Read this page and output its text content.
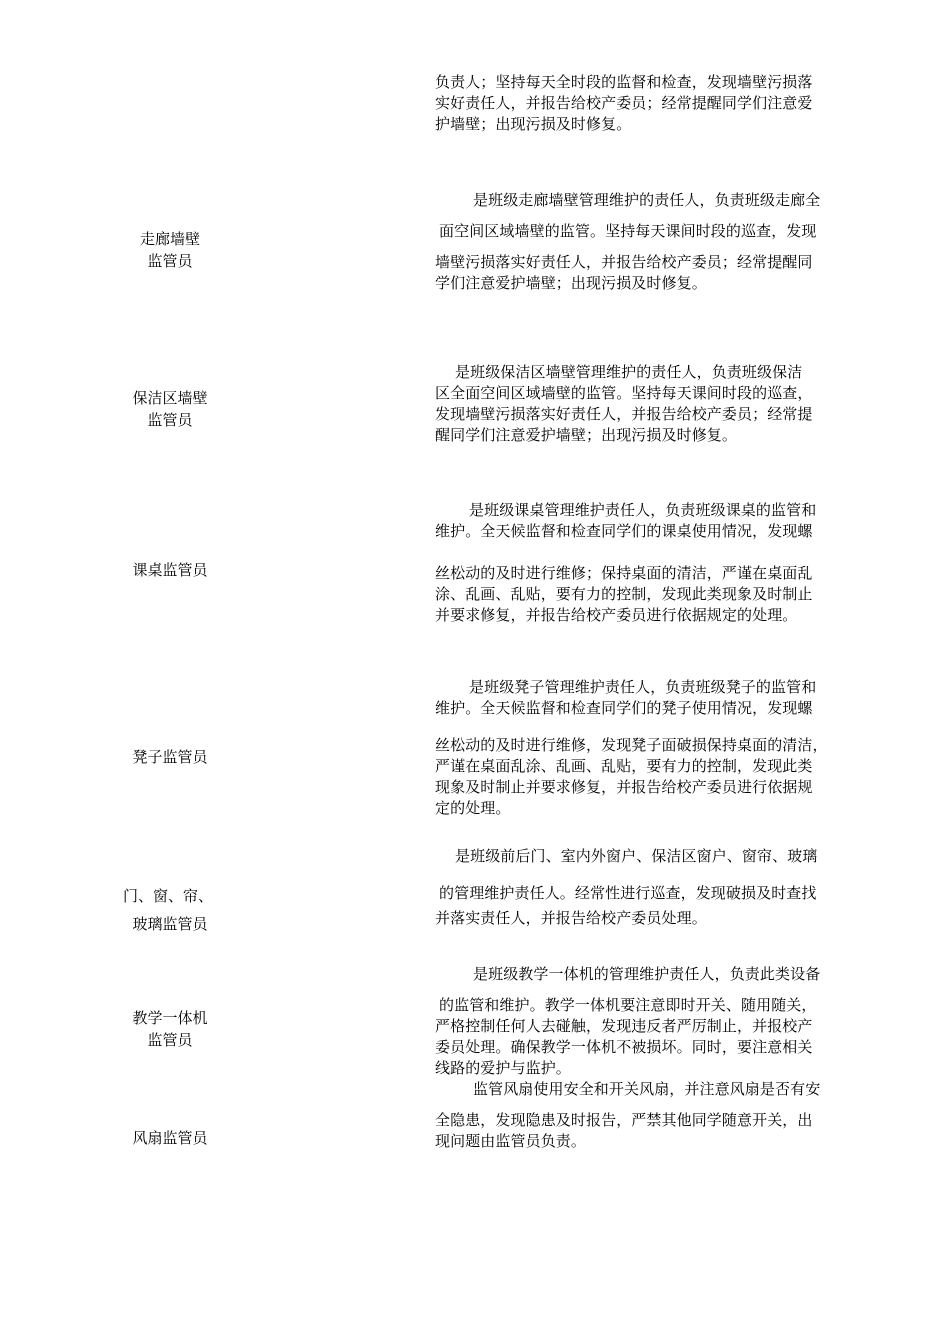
负责人；坚持每天全时段的监督和检查，发现墙壁污损落
实好责任人，并报告给校产委员；经常提醒同学们注意爱
护墙壁；出现污损及时修复。
走廊墙壁
监管员
是班级走廊墙壁管理维护的责任人，负责班级走廊全
面空间区域墙壁的监管。坚持每天课间时段的巡查，发现
墙壁污损落实好责任人，并报告给校产委员；经常提醒同
学们注意爱护墙壁；出现污损及时修复。
保洁区墙壁
监管员
是班级保洁区墙壁管理维护的责任人，负责班级保洁
区全面空间区域墙壁的监管。坚持每天课间时段的巡查，
发现墙壁污损落实好责任人，并报告给校产委员；经常提
醒同学们注意爱护墙壁；出现污损及时修复。
课桌监管员
是班级课桌管理维护责任人，负责班级课桌的监管和
维护。全天候监督和检查同学们的课桌使用情况，发现螺
丝松动的及时进行维修；保持桌面的清洁，严谨在桌面乱
涂、乱画、乱贴，要有力的控制，发现此类现象及时制止
并要求修复，并报告给校产委员进行依据规定的处理。
凳子监管员
是班级凳子管理维护责任人，负责班级凳子的监管和
维护。全天候监督和检查同学们的凳子使用情况，发现螺
丝松动的及时进行维修，发现凳子面破损保持桌面的清洁，
严谨在桌面乱涂、乱画、乱贴，要有力的控制，发现此类
现象及时制止并要求修复，并报告给校产委员进行依据规
定的处理。
门、窗、帘、
玻璃监管员
是班级前后门、室内外窗户、保洁区窗户、窗帘、玻璃
的管理维护责任人。经常性进行巡查，发现破损及时查找
并落实责任人，并报告给校产委员处理。
教学一体机
监管员
是班级教学一体机的管理维护责任人，负责此类设备
的监管和维护。教学一体机要注意即时开关、随用随关，
严格控制任何人去碰触，发现违反者严厉制止，并报校产
委员处理。确保教学一体机不被损坏。同时，要注意相关
线路的爱护与监护。
风扇监管员
监管风扇使用安全和开关风扇，并注意风扇是否有安
全隐患，发现隐患及时报告，严禁其他同学随意开关，出
现问题由监管员负责。
